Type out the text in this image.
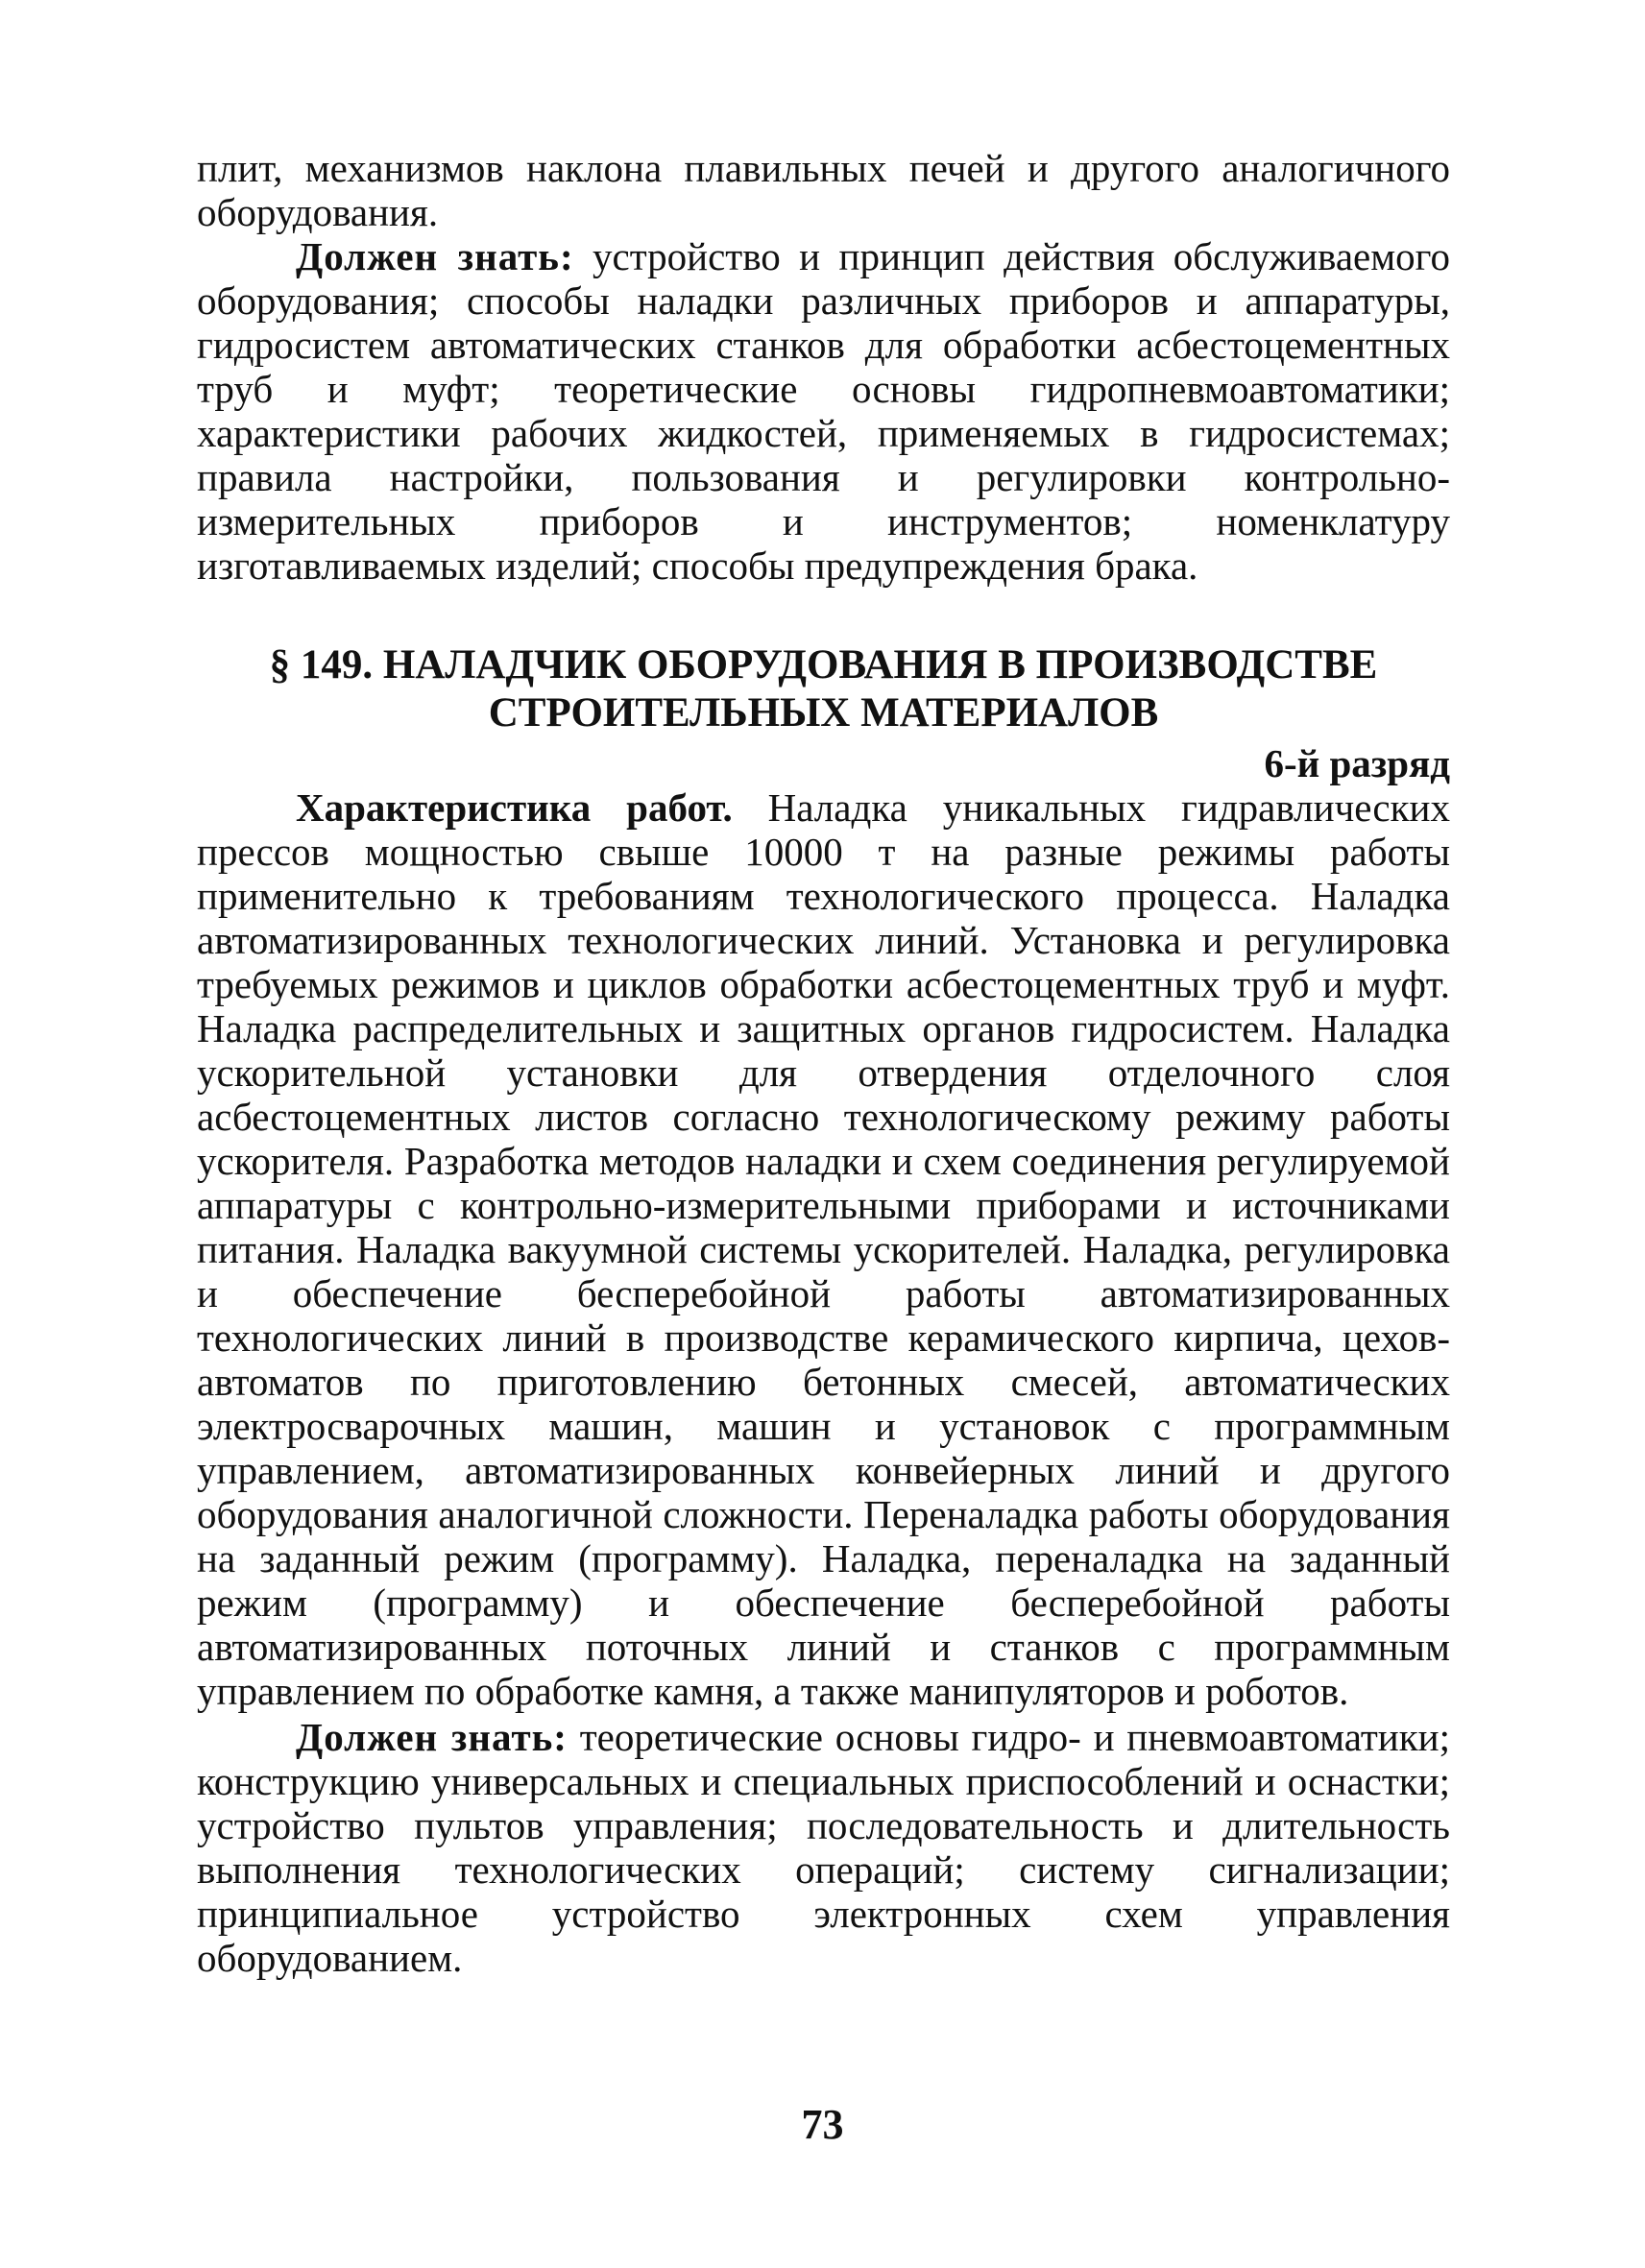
плит, механизмов наклона плавильных печей и другого аналогичного оборудования.

Должен знать: устройство и принцип действия обслуживаемого оборудования; способы наладки различных приборов и аппаратуры, гидросистем автоматических станков для обработки асбестоцементных труб и муфт; теоретические основы гидропневмоавтоматики; характеристики рабочих жидкостей, применяемых в гидросистемах; правила настройки, пользования и регулировки контрольно-измерительных приборов и инструментов; номенклатуру изготавливаемых изделий; способы предупреждения брака.

§ 149. НАЛАДЧИК ОБОРУДОВАНИЯ В ПРОИЗВОДСТВЕ
СТРОИТЕЛЬНЫХ МАТЕРИАЛОВ

6-й разряд

Характеристика работ. Наладка уникальных гидравлических прессов мощностью свыше 10000 т на разные режимы работы применительно к требованиям технологического процесса. Наладка автоматизированных технологических линий. Установка и регулировка требуемых режимов и циклов обработки асбестоцементных труб и муфт. Наладка распределительных и защитных органов гидросистем. Наладка ускорительной установки для отвердения отделочного слоя асбестоцементных листов согласно технологическому режиму работы ускорителя. Разработка методов наладки и схем соединения регулируемой аппаратуры с контрольно-измерительными приборами и источниками питания. Наладка вакуумной системы ускорителей. Наладка, регулировка и обеспечение бесперебойной работы автоматизированных технологических линий в производстве керамического кирпича, цехов-автоматов по приготовлению бетонных смесей, автоматических электросварочных машин, машин и установок с программным управлением, автоматизированных конвейерных линий и другого оборудования аналогичной сложности. Переналадка работы оборудования на заданный режим (программу). Наладка, переналадка на заданный режим (программу) и обеспечение бесперебойной работы автоматизированных поточных линий и станков с программным управлением по обработке камня, а также манипуляторов и роботов.

Должен знать: теоретические основы гидро- и пневмоавтоматики; конструкцию универсальных и специальных приспособлений и оснастки; устройство пультов управления; последовательность и длительность выполнения технологических операций; систему сигнализации; принципиальное устройство электронных схем управления оборудованием.

73
